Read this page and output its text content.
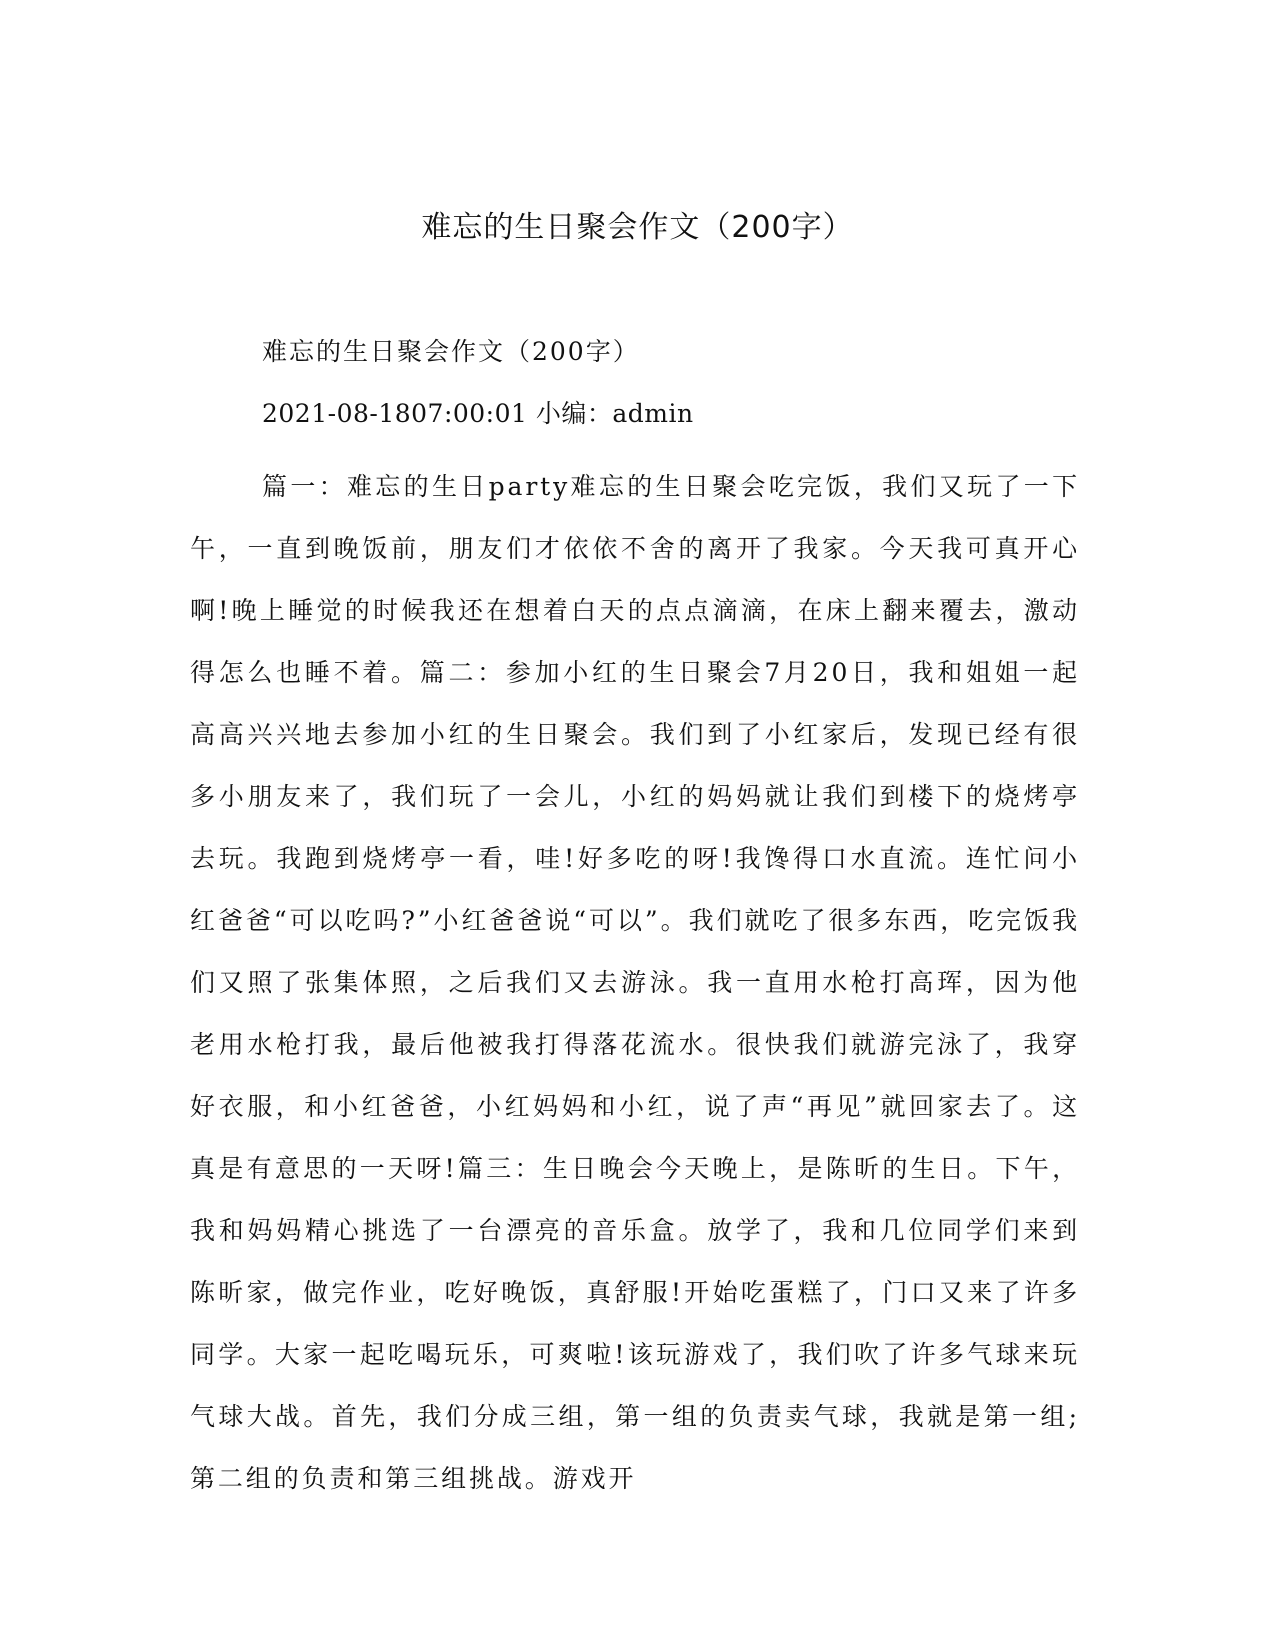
难忘的生日聚会作文（200字）
难忘的生日聚会作文（200字）
2021-08-1807:00:01 小编：admin

篇一：难忘的生日party难忘的生日聚会吃完饭，我们又玩了一下午，一直到晚饭前，朋友们才依依不舍的离开了我家。今天我可真开心啊!晚上睡觉的时候我还在想着白天的点点滴滴，在床上翻来覆去，激动得怎么也睡不着。篇二：参加小红的生日聚会7月20日，我和姐姐一起高高兴兴地去参加小红的生日聚会。我们到了小红家后，发现已经有很多小朋友来了，我们玩了一会儿，小红的妈妈就让我们到楼下的烧烤亭去玩。我跑到烧烤亭一看，哇!好多吃的呀!我馋得口水直流。连忙问小红爸爸“可以吃吗?”小红爸爸说“可以”。我们就吃了很多东西，吃完饭我们又照了张集体照，之后我们又去游泳。我一直用水枪打高珲，因为他老用水枪打我，最后他被我打得落花流水。很快我们就游完泳了，我穿好衣服，和小红爸爸，小红妈妈和小红，说了声“再见”就回家去了。这真是有意思的一天呀!篇三：生日晚会今天晚上，是陈昕的生日。下午，我和妈妈精心挑选了一台漂亮的音乐盒。放学了，我和几位同学们来到陈昕家，做完作业，吃好晚饭，真舒服!开始吃蛋糕了，门口又来了许多同学。大家一起吃喝玩乐，可爽啦!该玩游戏了，我们吹了许多气球来玩气球大战。首先，我们分成三组，第一组的负责卖气球，我就是第一组;第二组的负责和第三组挑战。游戏开
